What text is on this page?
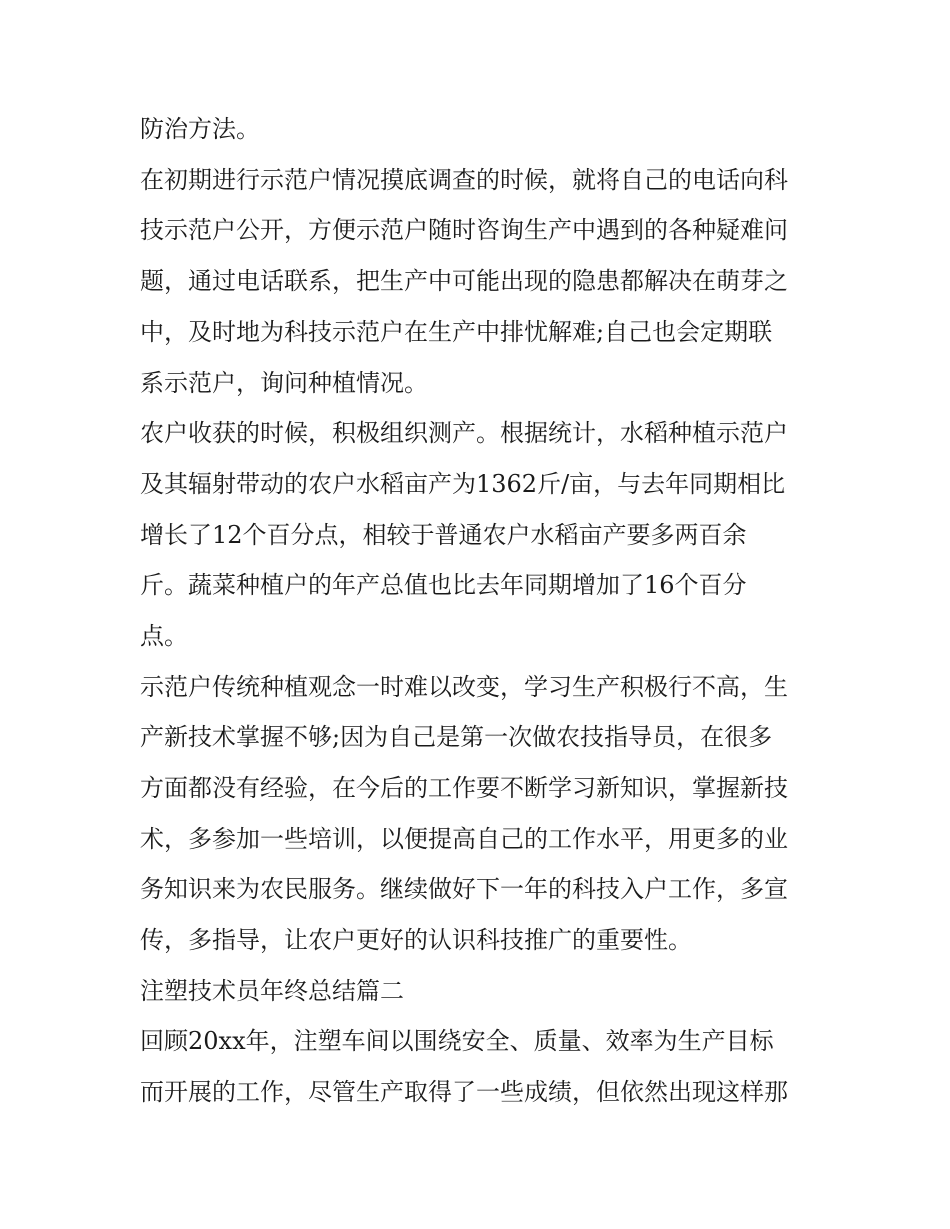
防治方法。
在初期进行示范户情况摸底调查的时候，就将自己的电话向科
技示范户公开，方便示范户随时咨询生产中遇到的各种疑难问
题，通过电话联系，把生产中可能出现的隐患都解决在萌芽之
中，及时地为科技示范户在生产中排忧解难;自己也会定期联
系示范户，询问种植情况。
农户收获的时候，积极组织测产。根据统计，水稻种植示范户
及其辐射带动的农户水稻亩产为1362斤/亩，与去年同期相比
增长了12个百分点，相较于普通农户水稻亩产要多两百余
斤。蔬菜种植户的年产总值也比去年同期增加了16个百分
点。
示范户传统种植观念一时难以改变，学习生产积极行不高，生
产新技术掌握不够;因为自己是第一次做农技指导员，在很多
方面都没有经验，在今后的工作要不断学习新知识，掌握新技
术，多参加一些培训，以便提高自己的工作水平，用更多的业
务知识来为农民服务。继续做好下一年的科技入户工作，多宣
传，多指导，让农户更好的认识科技推广的重要性。
注塑技术员年终总结篇二
回顾20xx年，注塑车间以围绕安全、质量、效率为生产目标
而开展的工作，尽管生产取得了一些成绩，但依然出现这样那
